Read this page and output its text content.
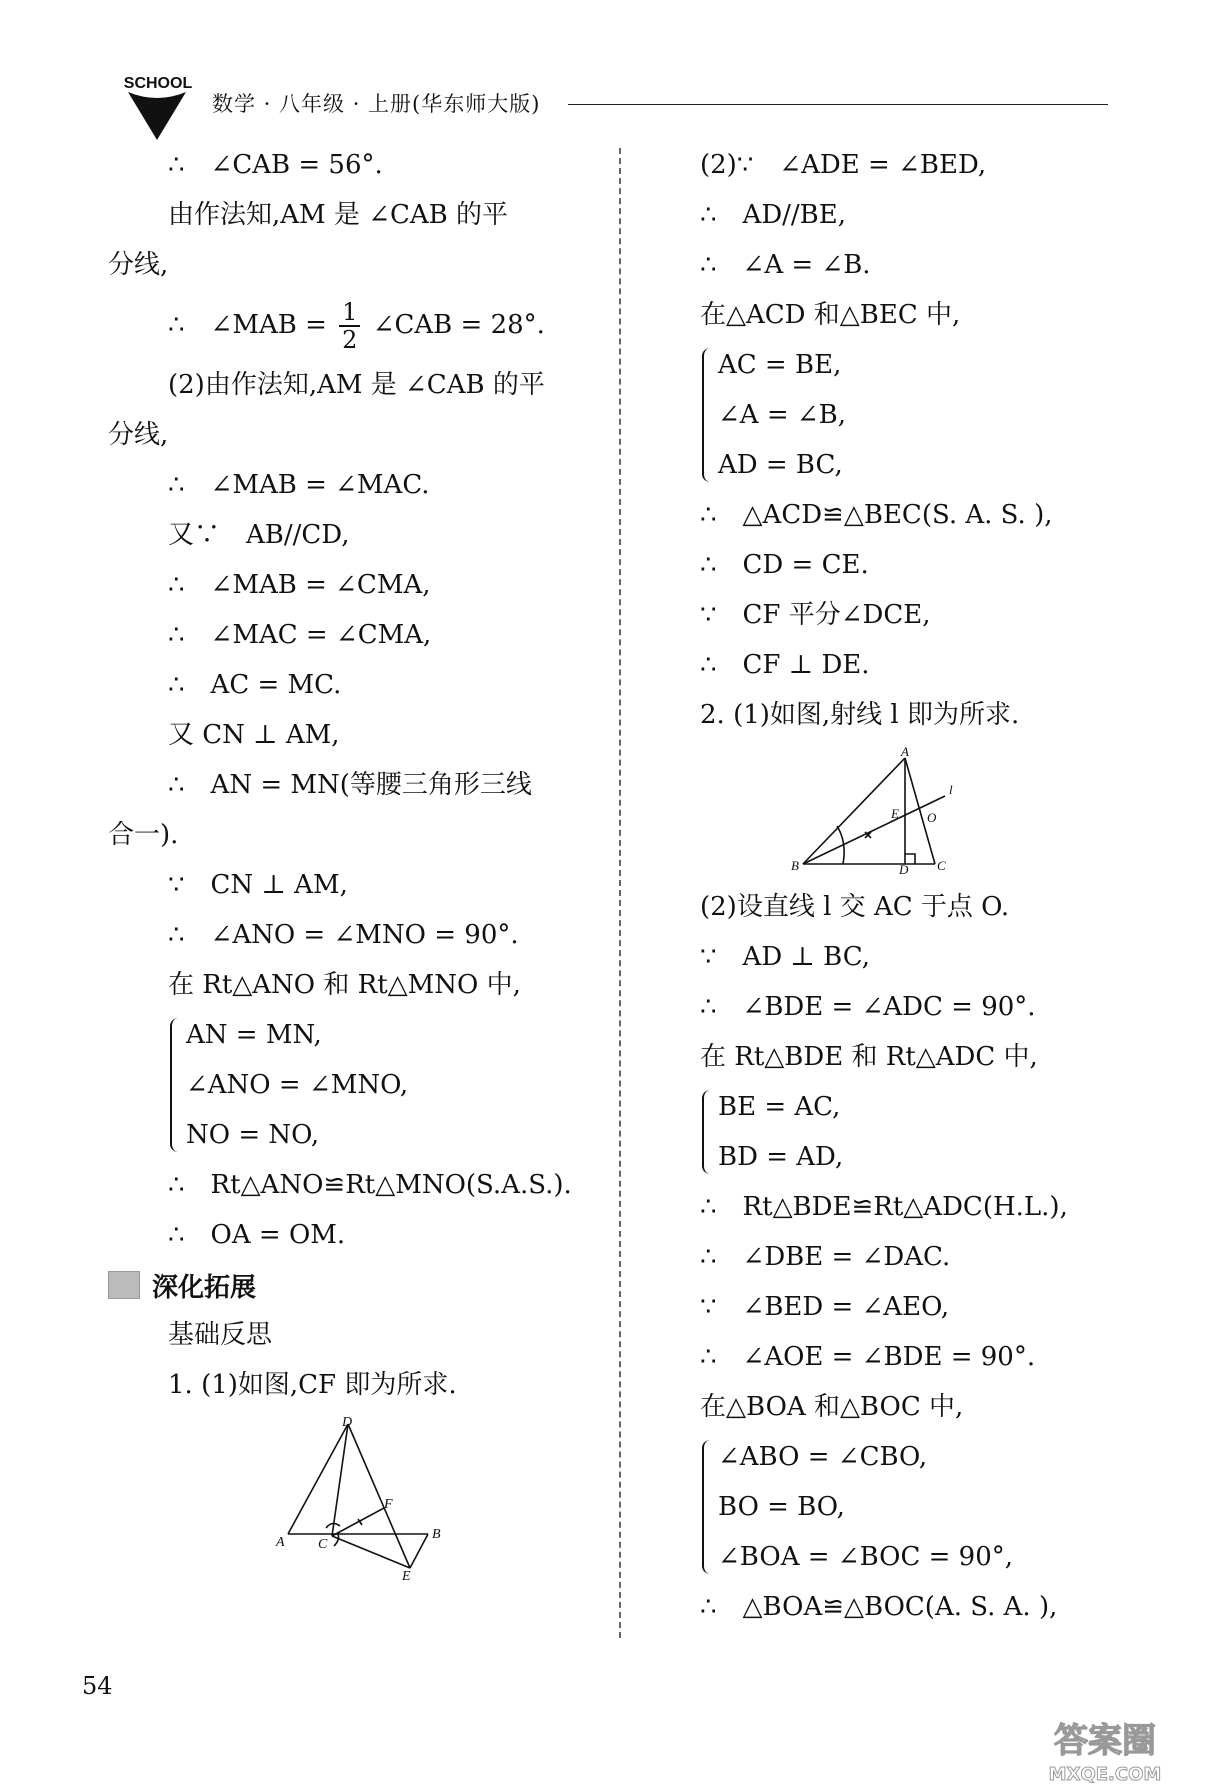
SCHOOL
数学 · 八年级 · 上册(华东师大版)
∴　∠CAB = 56°.
由作法知,AM 是 ∠CAB 的平
分线,
∴　∠MAB = $\frac{1}{2}$ ∠CAB = 28°.
(2)由作法知,AM 是 ∠CAB 的平
分线,
∴　∠MAB = ∠MAC.
又∵　AB//CD,
∴　∠MAB = ∠CMA,
∴　∠MAC = ∠CMA,
∴　AC = MC.
又 CN ⊥ AM,
∴　AN = MN(等腰三角形三线
合一).
∵　CN ⊥ AM,
∴　∠ANO = ∠MNO = 90°.
在 Rt△ANO 和 Rt△MNO 中,
AN = MN,
∠ANO = ∠MNO,
NO = NO,
∴　Rt△ANO≌Rt△MNO(S.A.S.).
∴　OA = OM.
深化拓展
基础反思
1. (1)如图,CF 即为所求.
D
A C
F
B
E
(2)∵　∠ADE = ∠BED,
∴　AD//BE,
∴　∠A = ∠B.
在△ACD 和△BEC 中,
AC = BE,
∠A = ∠B,
AD = BC,
∴　△ACD≌△BEC(S. A. S. ),
∴　CD = CE.
∵　CF 平分∠DCE,
∴　CF ⊥ DE.
2. (1)如图,射线 l 即为所求.
A
E
l
O
B	D C
(2)设直线 l 交 AC 于点 O.
∵　AD ⊥ BC,
∴　∠BDE = ∠ADC = 90°.
在 Rt△BDE 和 Rt△ADC 中,
BE = AC,
BD = AD,
∴　Rt△BDE≌Rt△ADC(H.L.),
∴　∠DBE = ∠DAC.
∵　∠BED = ∠AEO,
∴　∠AOE = ∠BDE = 90°.
在△BOA 和△BOC 中,
∠ABO = ∠CBO,
BO = BO,
∠BOA = ∠BOC = 90°,
∴　△BOA≌△BOC(A. S. A. ),
54
答案圈
MXQE.COM
